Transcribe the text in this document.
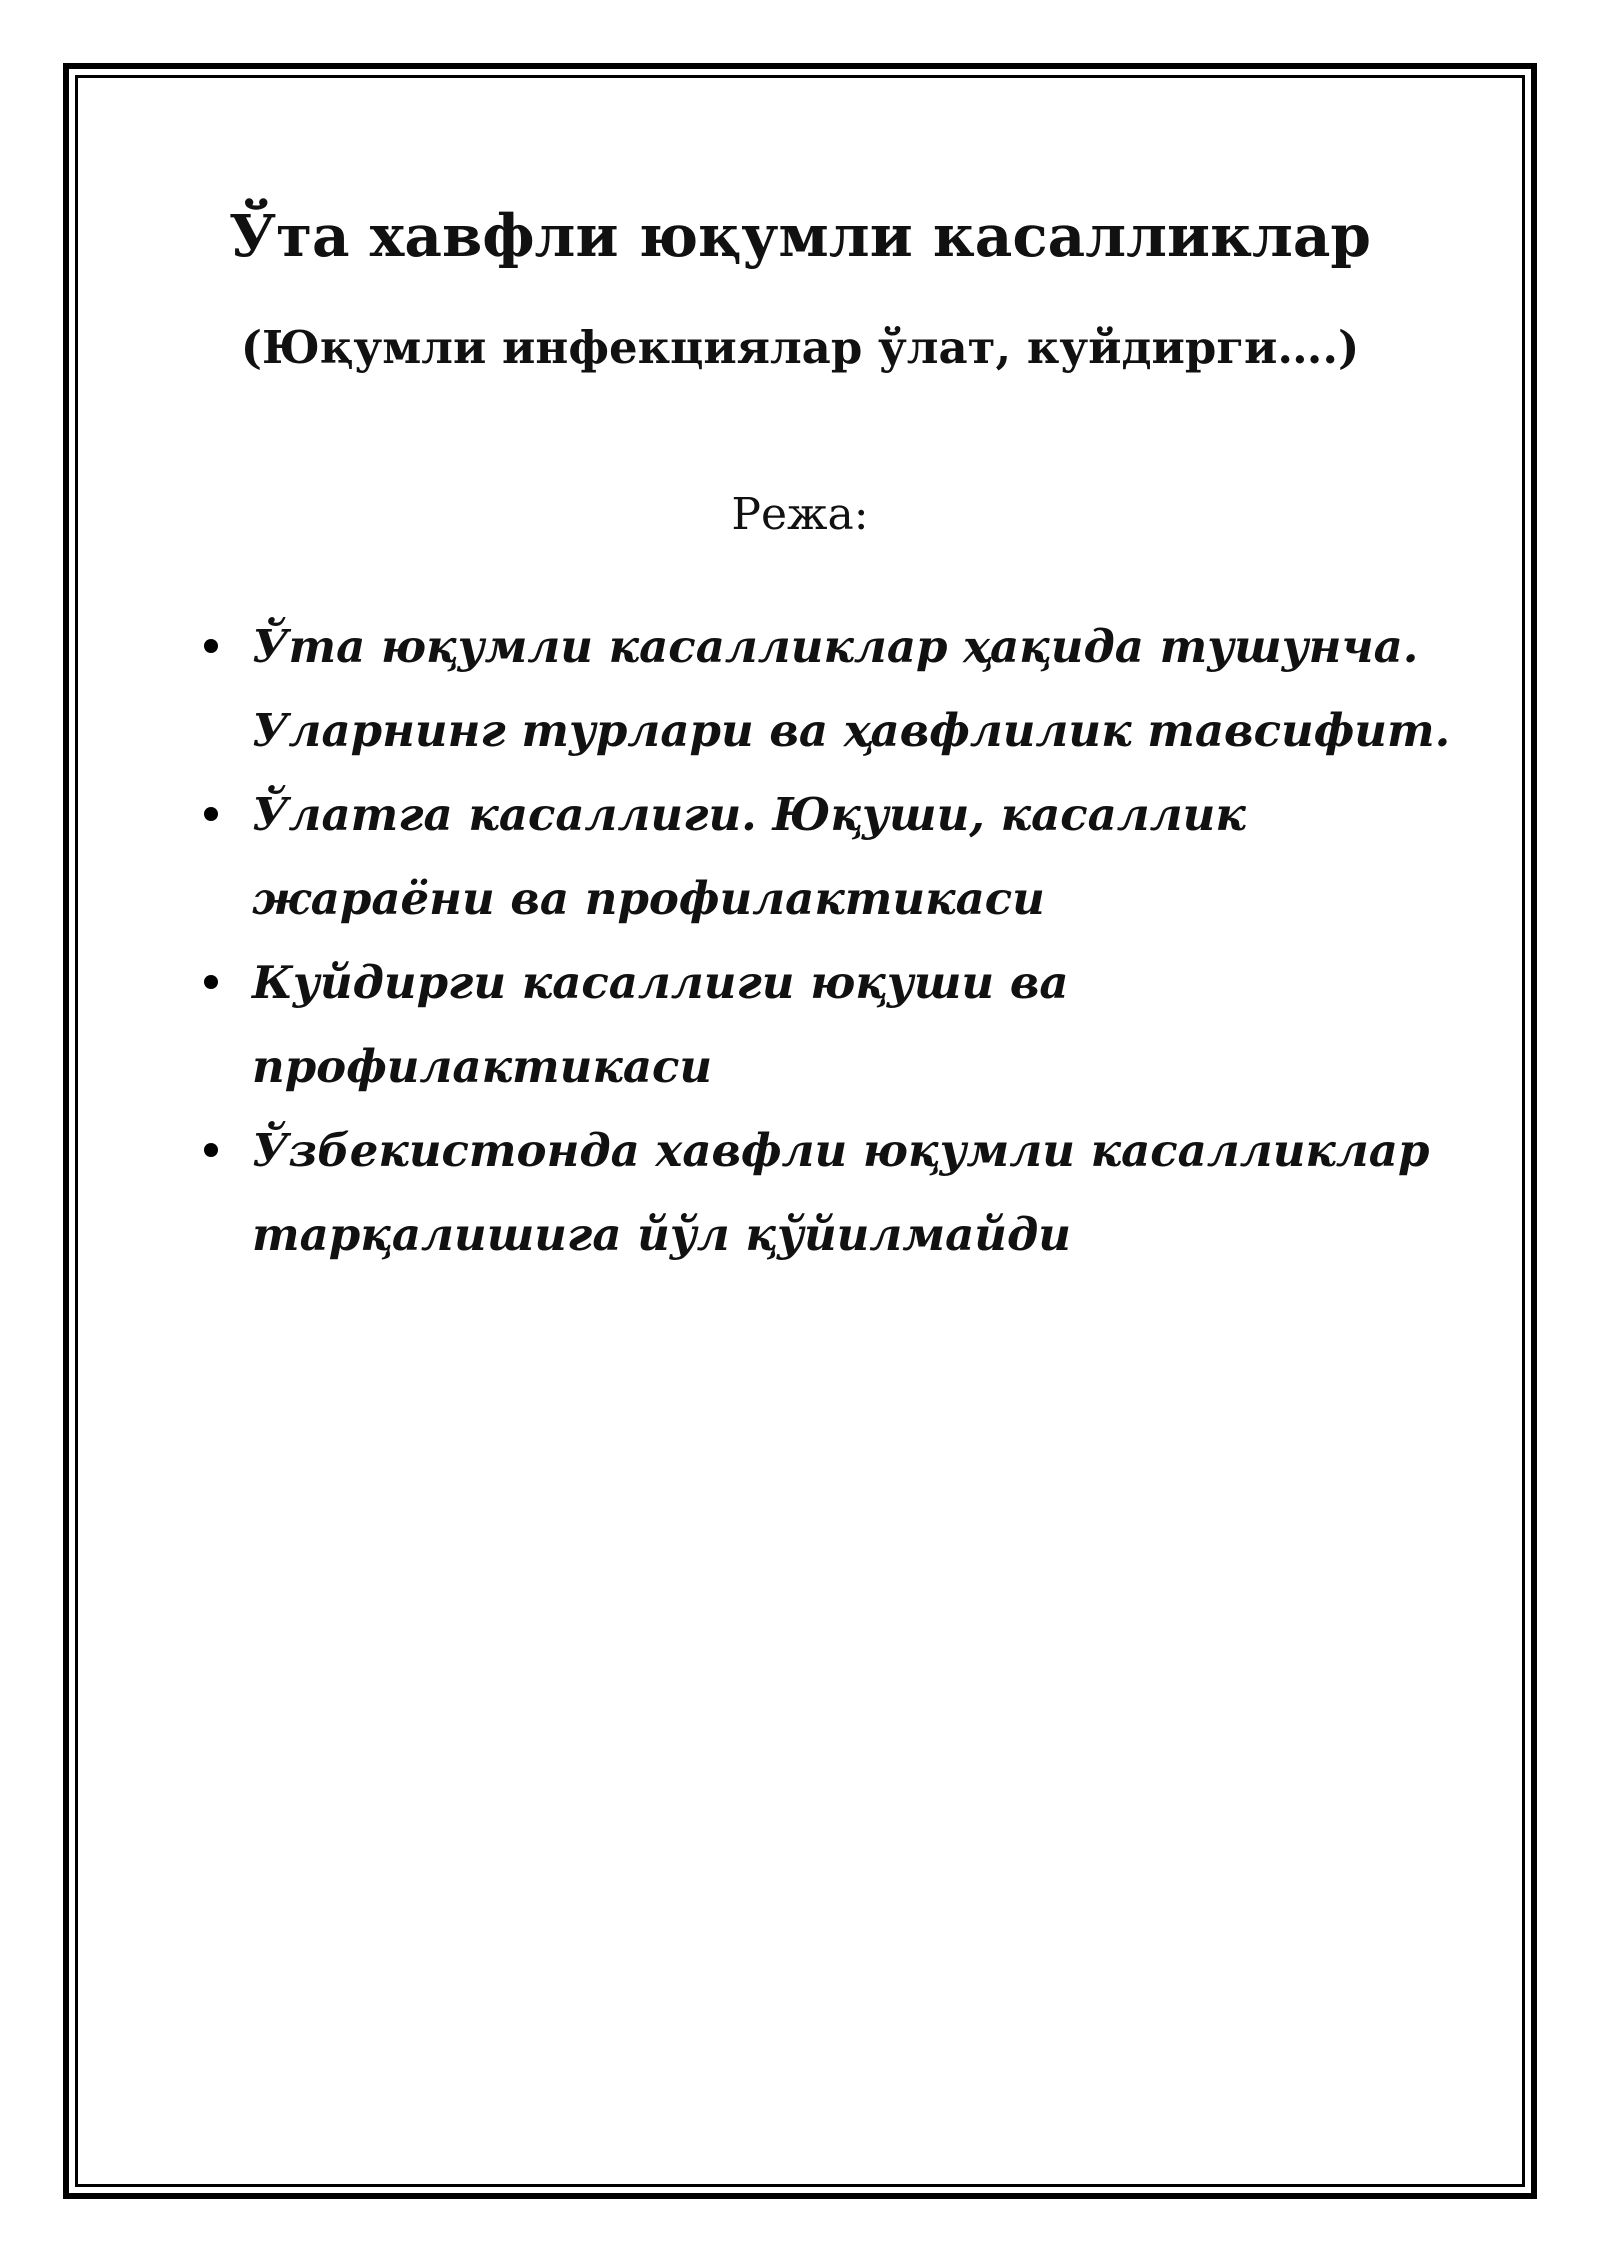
Ўта хавфли юқумли касалликлар

(Юқумли инфекциялар ўлат, куйдирги….)

Режа:

Ўта юқумли касалликлар ҳақида тушунча.
Уларнинг турлари ва ҳавфлилик тавсифит.
Ўлатга касаллиги. Юқуши, касаллик
жараёни ва профилактикаси
Куйдирги касаллиги юқуши ва
профилактикаси
Ўзбекистонда хавфли юқумли касалликлар
тарқалишига йўл қўйилмайди
